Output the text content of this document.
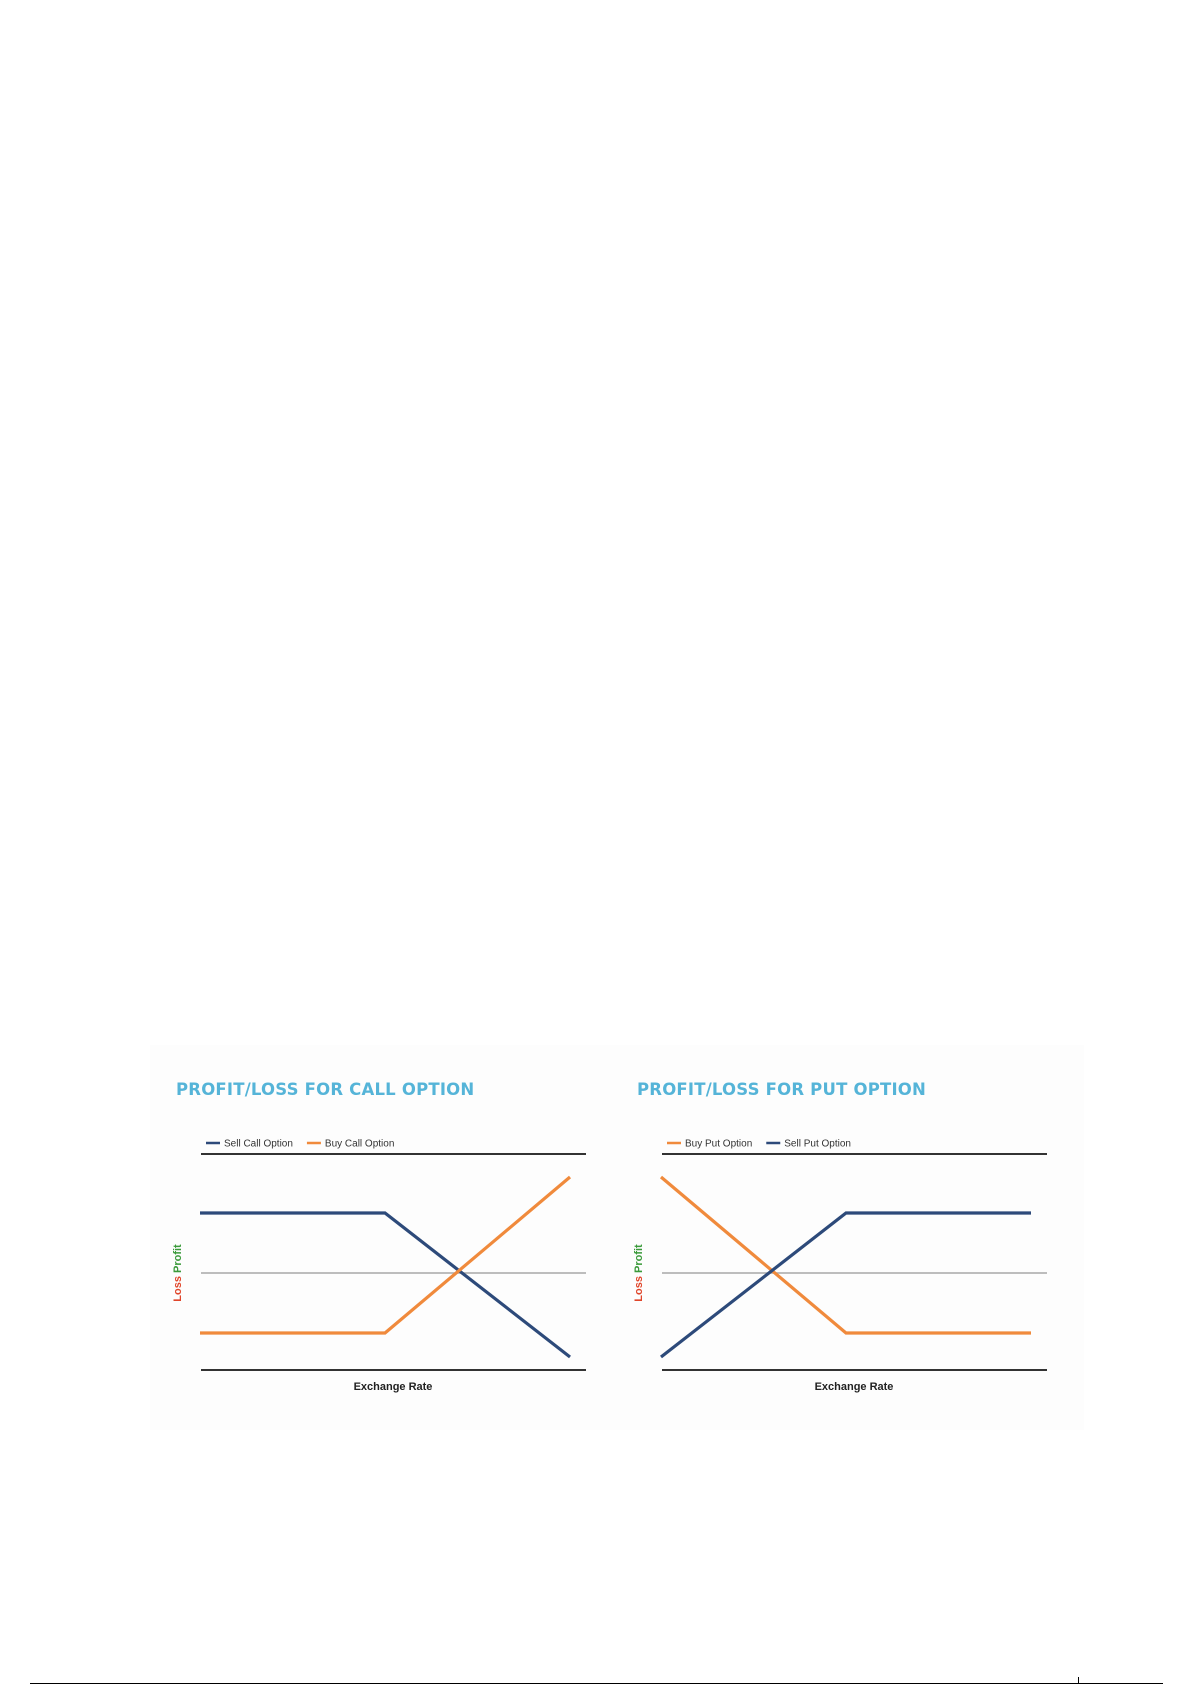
PROFIT/LOSS FOR CALL OPTION	PROFIT/LOSS FOR PUT OPTION
Sell Call Option	Buy Call Option
Loss Profit
Exchange Rate
Buy Put Option	Sell Put Option
Loss Profit
Exchange Rate
